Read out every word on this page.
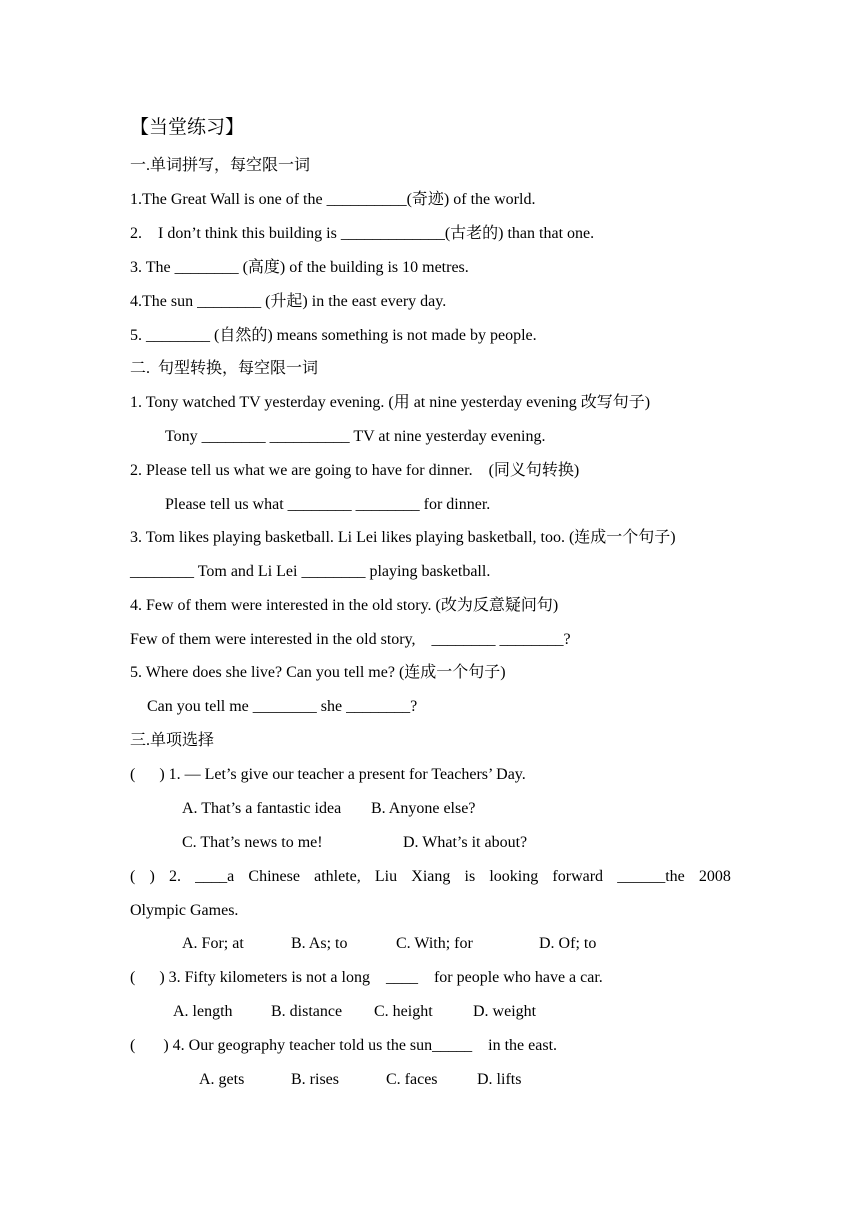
【当堂练习】
一.单词拼写，每空限一词
1.The Great Wall is one of the __________(奇迹) of the world.
2.    I don’t think this building is _____________(古老的) than that one.
3. The ________ (高度) of the building is 10 metres.
4.The sun ________ (升起) in the east every day.
5. ________ (自然的) means something is not made by people.
二.  句型转换，每空限一词
1. Tony watched TV yesterday evening. (用 at nine yesterday evening 改写句子)
Tony ________ __________ TV at nine yesterday evening.
2. Please tell us what we are going to have for dinner.    (同义句转换)
Please tell us what ________ ________ for dinner.
3. Tom likes playing basketball. Li Lei likes playing basketball, too. (连成一个句子)
________ Tom and Li Lei ________ playing basketball.
4. Few of them were interested in the old story. (改为反意疑问句)
Few of them were interested in the old story,    ________ ________?
5. Where does she live? Can you tell me? (连成一个句子)
Can you tell me ________ she ________?
三.单项选择
(      ) 1. — Let’s give our teacher a present for Teachers’ Day.
A. That’s a fantastic idea B. Anyone else?
C. That’s news to me!	D. What’s it about?
( ) 2. ____a Chinese athlete, Liu Xiang is looking forward ______the 2008
Olympic Games.
A. For; at	B. As; to	C. With; for	D. Of; to
(      ) 3. Fifty kilometers is not a long    ____    for people who have a car.
A. length B. distance C. height	D. weight
(       ) 4. Our geography teacher told us the sun_____    in the east.
A. gets	B. rises	C. faces D. lifts
